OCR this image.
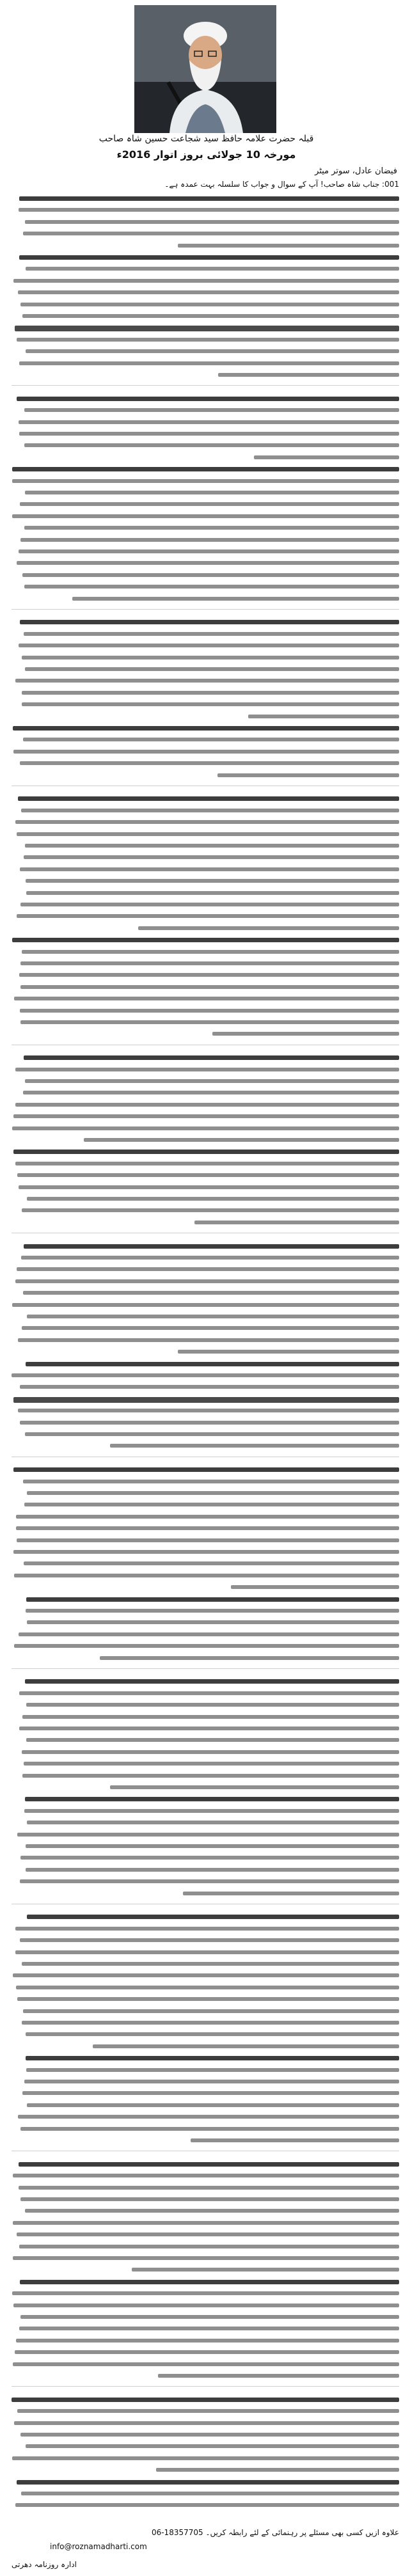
قبلہ حضرت علامہ حافظ سید شجاعت حسین شاہ صاحب
مورخہ 10 جولائی بروز اتوار 2016ء
فیضان عادل، سوتر میٹر
001: جناب شاہ صاحب! آپ کے سوال و جواب کا سلسلہ بہت عمدہ ہے۔
علاوہ ازیں کسی بھی مسئلے پر رہنمائی کے لئے رابطہ کریں۔ 06-18357705
info@roznamadharti.com
ادارہ روزنامہ دھرتی
